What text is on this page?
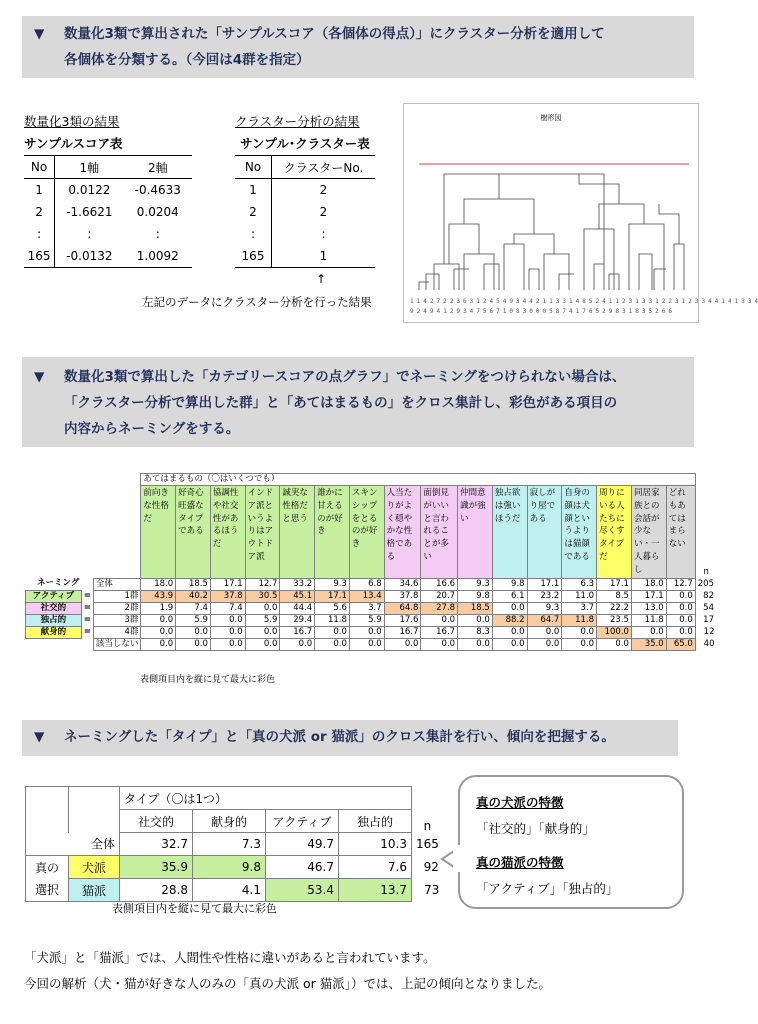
▼ 数量化3類で算出された「サンプルスコア（各個体の得点）」にクラスター分析を適用して
各個体を分類する。（今回は4群を指定）
数量化3類の結果
サンプルスコア表
No	1軸	2軸
1	0.0122	-0.4633
2	-1.6621	0.0204
:	:	:
165	-0.0132	1.0092
クラスター分析の結果
サンプル･クラスター表
No	クラスターNo.
1	2
2	2
:	:
165	1
↑
左記のデータにクラスター分析を行った結果
樹形図
1 1 4 2 7 2 2 3 6 3 1 2 4 5 4 9 3 4 4 2 1 1 3 3 1 4 8 5 2 4 1 1 2 3 1 3 3 1 2 2 3 1 2 3 3 4 4 1 4 1 3 3 4
9 2 4 9 4 1 2 9 3 4 7 5 6 7 1 0 8 3 0 0 0 5 8 7 4 1 7 6 5 2 9 8 3 1 8 3 5 2 6 6
▼ 数量化3類で算出した「カテゴリースコアの点グラフ」でネーミングをつけられない場合は、
「クラスター分析で算出した群」と「あてはまるもの」をクロス集計し、彩色がある項目の
内容からネーミングをする。
			あてはまるもの（〇はいくつでも）																
			前向きな性格だ	好奇心旺盛なタイプである	協調性や社交性があるほうだ	インドア派というよりはアウトドア派	誠実な性格だと思う	誰かに甘えるのが好き	スキンシップをとるのが好き	人当たりがよく穏やかな性格である	面倒見がいいと言われることが多い	仲間意識が強い	独占欲は強いほうだ	寂しがり屋である	自身の顔は犬顔というよりは猫顔である	周りにいる人たちに尽くすタイプだ	同居家族との会話が少ない・一人暮らし	どれもあてはまらない	n
ネーミング		全体	18.0	18.5	17.1	12.7	33.2	9.3	6.8	34.6	16.6	9.3	9.8	17.1	6.3	17.1	18.0	12.7	205
アクティブ	=	1群	43.9	40.2	37.8	30.5	45.1	17.1	13.4	37.8	20.7	9.8	6.1	23.2	11.0	8.5	17.1	0.0	82
社交的	=	2群	1.9	7.4	7.4	0.0	44.4	5.6	3.7	64.8	27.8	18.5	0.0	9.3	3.7	22.2	13.0	0.0	54
独占的	=	3群	0.0	5.9	0.0	5.9	29.4	11.8	5.9	17.6	0.0	0.0	88.2	64.7	11.8	23.5	11.8	0.0	17
献身的	=	4群	0.0	0.0	0.0	0.0	16.7	0.0	0.0	16.7	16.7	8.3	0.0	0.0	0.0	100.0	0.0	0.0	12
		該当しない	0.0	0.0	0.0	0.0	0.0	0.0	0.0	0.0	0.0	0.0	0.0	0.0	0.0	0.0	35.0	65.0	40
表側項目内を縦に見て最大に彩色
▼ ネーミングした「タイプ」と「真の犬派 or 猫派」のクロス集計を行い、傾向を把握する。
		タイプ（〇は1つ）				
		社交的	献身的	アクティブ	独占的	n
全体		32.7	7.3	49.7	10.3	165
真の	犬派	35.9	9.8	46.7	7.6	92
選択	猫派	28.8	4.1	53.4	13.7	73
表側項目内を縦に見て最大に彩色
真の犬派の特徴
「社交的」「献身的」
真の猫派の特徴
「アクティブ」「独占的」
「犬派」と「猫派」では、人間性や性格に違いがあると言われています。
今回の解析（犬・猫が好きな人のみの「真の犬派 or 猫派」）では、上記の傾向となりました。
